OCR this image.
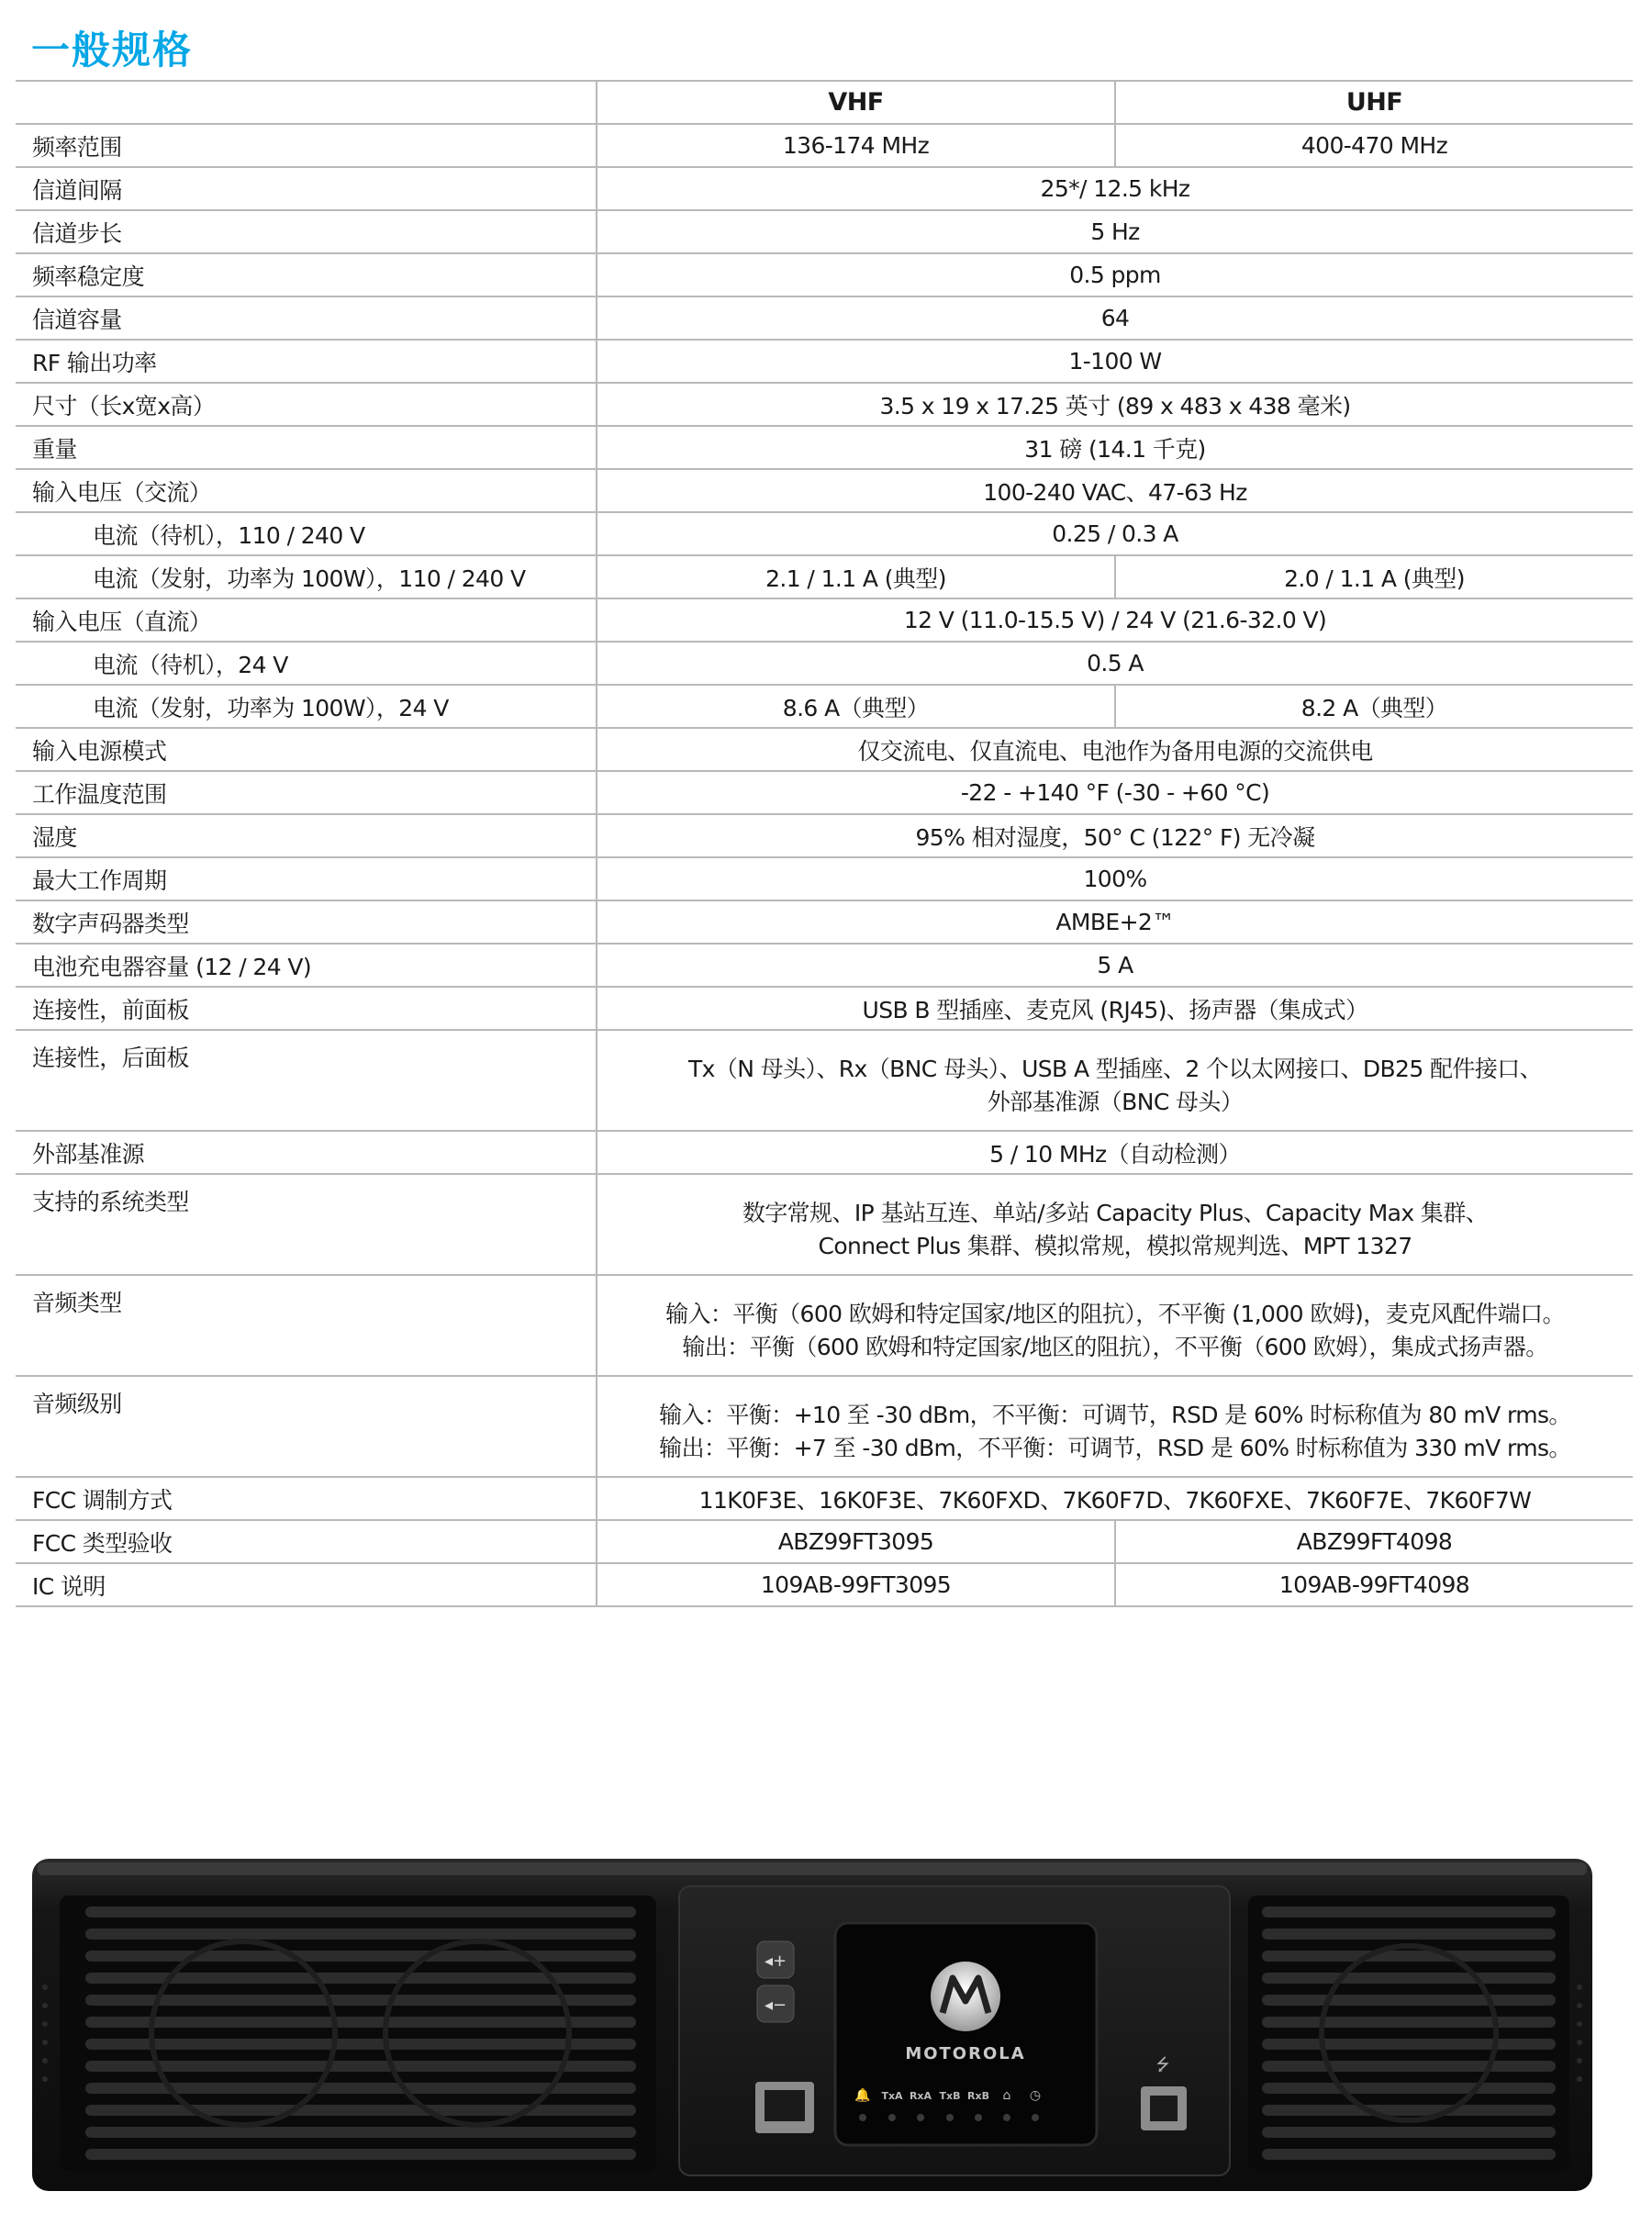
一般规格
	VHF	UHF
频率范围	136-174 MHz	400-470 MHz
信道间隔	25*/ 12.5 kHz	
信道步长	5 Hz	
频率稳定度	0.5 ppm	
信道容量	64	
RF 输出功率	1-100 W	
尺寸（长x宽x高）	3.5 x 19 x 17.25 英寸 (89 x 483 x 438 毫米)	
重量	31 磅 (14.1 千克)	
输入电压（交流）	100-240 VAC、47-63 Hz	
电流（待机），110 / 240 V	0.25 / 0.3 A	
电流（发射，功率为 100W），110 / 240 V	2.1 / 1.1 A (典型)	2.0 / 1.1 A (典型)
输入电压（直流）	12 V (11.0-15.5 V) / 24 V (21.6-32.0 V)	
电流（待机），24 V	0.5 A	
电流（发射，功率为 100W），24 V	8.6 A（典型）	8.2 A（典型）
输入电源模式	仅交流电、仅直流电、电池作为备用电源的交流供电	
工作温度范围	-22 - +140 °F (-30 - +60 °C)	
湿度	95% 相对湿度，50° C (122° F) 无冷凝	
最大工作周期	100%	
数字声码器类型	AMBE+2™	
电池充电器容量 (12 / 24 V)	5 A	
连接性，前面板	USB B 型插座、麦克风 (RJ45)、扬声器（集成式）	
连接性，后面板	Tx（N 母头）、Rx（BNC 母头）、USB A 型插座、2 个以太网接口、DB25 配件接口、
外部基准源（BNC 母头）	

外部基准源	5 / 10 MHz（自动检测）	
支持的系统类型	数字常规、IP 基站互连、单站/多站 Capacity Plus、Capacity Max 集群、
Connect Plus 集群、模拟常规，模拟常规判选、MPT 1327	

音频类型	输入：平衡（600 欧姆和特定国家/地区的阻抗），不平衡 (1,000 欧姆)，麦克风配件端口。
输出：平衡（600 欧姆和特定国家/地区的阻抗），不平衡（600 欧姆），集成式扬声器。	

音频级别	输入：平衡：+10 至 -30 dBm，不平衡：可调节，RSD 是 60% 时标称值为 80 mV rms。
输出：平衡：+7 至 -30 dBm，不平衡：可调节，RSD 是 60% 时标称值为 330 mV rms。	

FCC 调制方式	11K0F3E、16K0F3E、7K60FXD、7K60F7D、7K60FXE、7K60F7E、7K60F7W	
FCC 类型验收	ABZ99FT3095	ABZ99FT4098
IC 说明	109AB-99FT3095	109AB-99FT4098
◂+
◂−
MOTOROLA
🔔 TxA RxA TxB RxB ⌂ ◷
⭍
